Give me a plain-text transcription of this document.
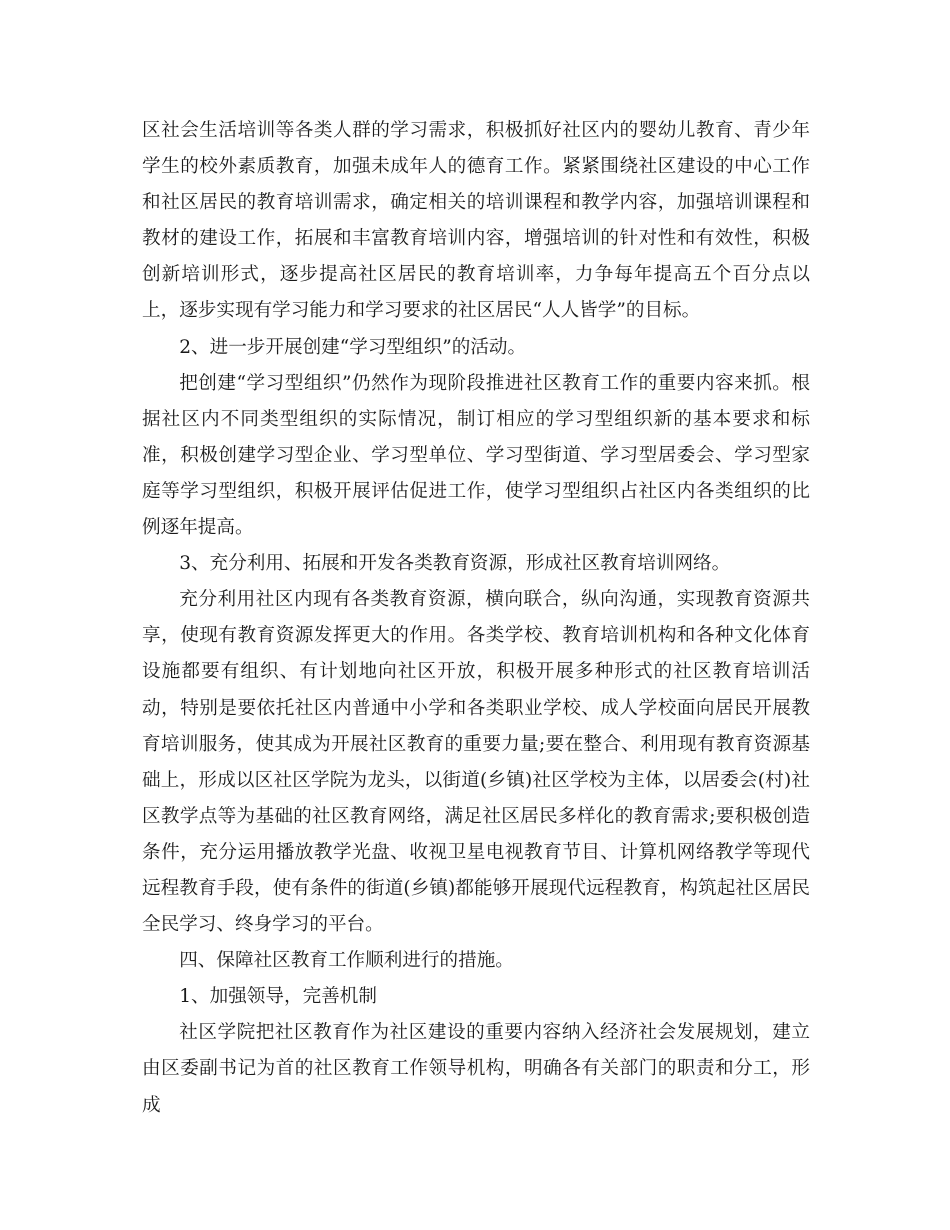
区社会生活培训等各类人群的学习需求，积极抓好社区内的婴幼儿教育、青少年学生的校外素质教育，加强未成年人的德育工作。紧紧围绕社区建设的中心工作和社区居民的教育培训需求，确定相关的培训课程和教学内容，加强培训课程和教材的建设工作，拓展和丰富教育培训内容，增强培训的针对性和有效性，积极创新培训形式，逐步提高社区居民的教育培训率，力争每年提高五个百分点以上，逐步实现有学习能力和学习要求的社区居民“人人皆学”的目标。

2、进一步开展创建“学习型组织”的活动。

把创建“学习型组织”仍然作为现阶段推进社区教育工作的重要内容来抓。根据社区内不同类型组织的实际情况，制订相应的学习型组织新的基本要求和标准，积极创建学习型企业、学习型单位、学习型街道、学习型居委会、学习型家庭等学习型组织，积极开展评估促进工作，使学习型组织占社区内各类组织的比例逐年提高。

3、充分利用、拓展和开发各类教育资源，形成社区教育培训网络。

充分利用社区内现有各类教育资源，横向联合，纵向沟通，实现教育资源共享，使现有教育资源发挥更大的作用。各类学校、教育培训机构和各种文化体育设施都要有组织、有计划地向社区开放，积极开展多种形式的社区教育培训活动，特别是要依托社区内普通中小学和各类职业学校、成人学校面向居民开展教育培训服务，使其成为开展社区教育的重要力量;要在整合、利用现有教育资源基础上，形成以区社区学院为龙头，以街道(乡镇)社区学校为主体，以居委会(村)社区教学点等为基础的社区教育网络，满足社区居民多样化的教育需求;要积极创造条件，充分运用播放教学光盘、收视卫星电视教育节目、计算机网络教学等现代远程教育手段，使有条件的街道(乡镇)都能够开展现代远程教育，构筑起社区居民全民学习、终身学习的平台。

四、保障社区教育工作顺利进行的措施。

1、加强领导，完善机制

社区学院把社区教育作为社区建设的重要内容纳入经济社会发展规划，建立由区委副书记为首的社区教育工作领导机构，明确各有关部门的职责和分工，形成
